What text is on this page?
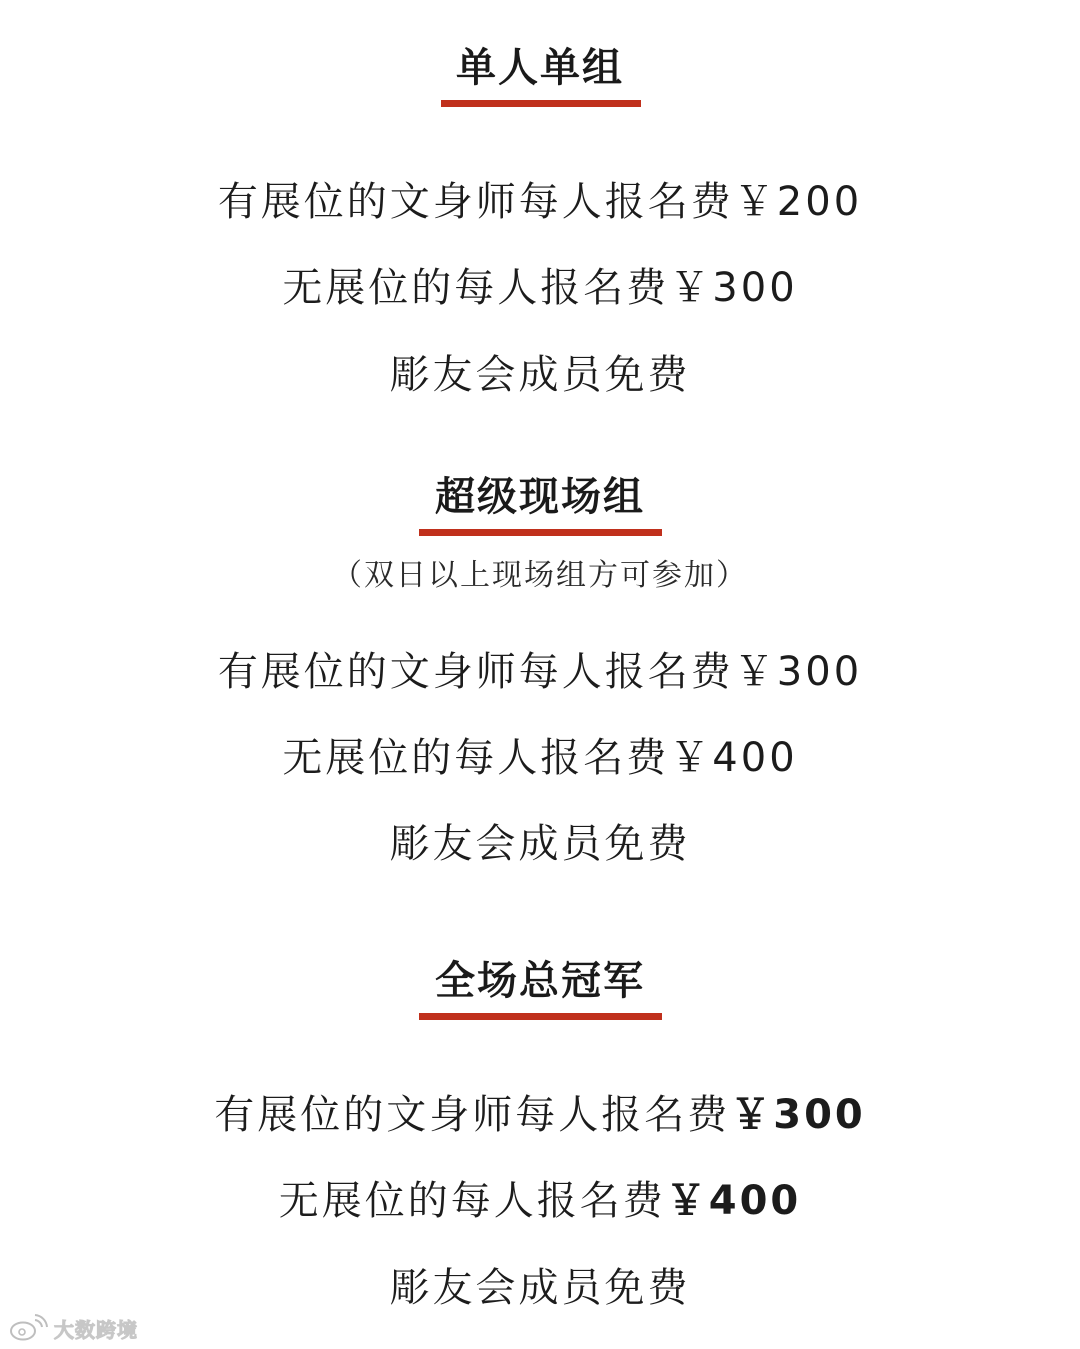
单人单组
有展位的文身师每人报名费￥200
无展位的每人报名费￥300
彫友会成员免费
超级现场组
（双日以上现场组方可参加）
有展位的文身师每人报名费￥300
无展位的每人报名费￥400
彫友会成员免费
全场总冠军
有展位的文身师每人报名费￥300
无展位的每人报名费￥400
彫友会成员免费
大数跨境
